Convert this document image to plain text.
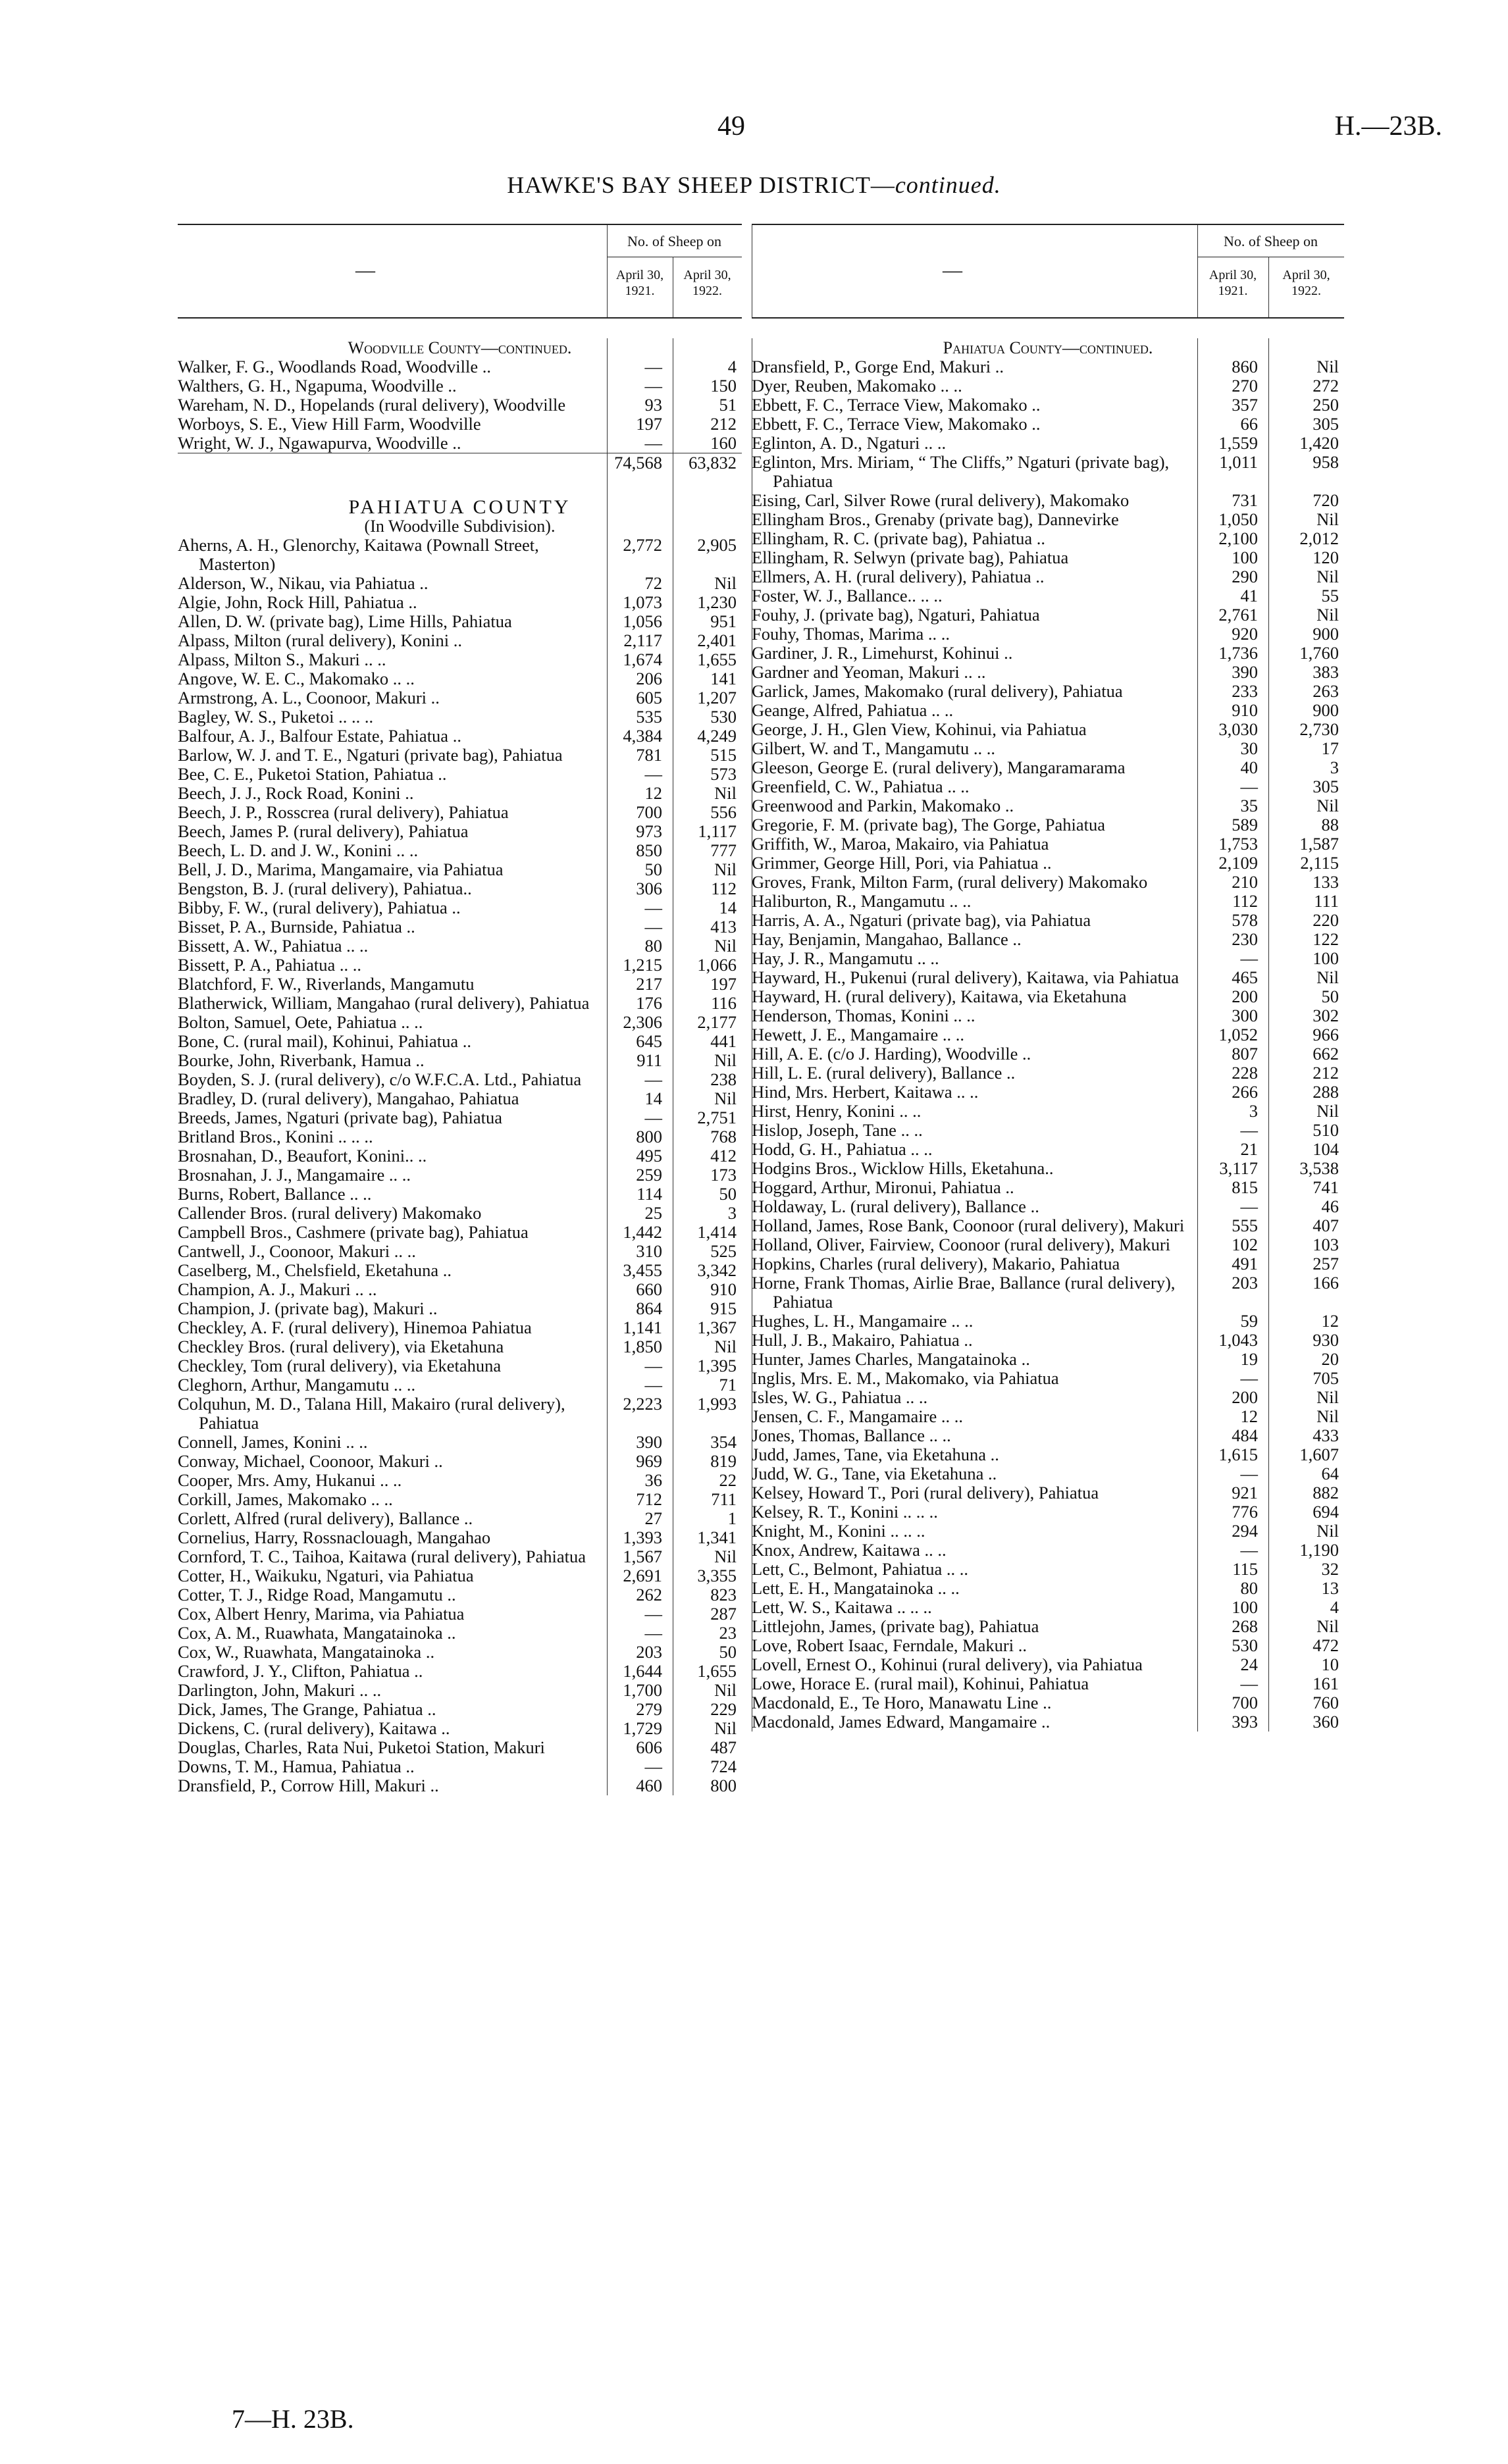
49	H.—23B.
HAWKE'S BAY SHEEP DISTRICT—continued.
—
No. of Sheep on
April 30, 1921.
April 30, 1922.
Woodville County—continued.
Walker, F. G., Woodlands Road, Woodville ..	—	4
Walthers, G. H., Ngapuma, Woodville ..	—	150
Wareham, N. D., Hopelands (rural delivery), Woodville	93	51
Worboys, S. E., View Hill Farm, Woodville	197	212
Wright, W. J., Ngawapurva, Woodville ..	—	160
74,568	63,832
PAHIATUA COUNTY
(In Woodville Subdivision).
Aherns, A. H., Glenorchy, Kaitawa (Pownall Street, Masterton)
2,772	2,905
Alderson, W., Nikau, via Pahiatua ..	72	Nil
Algie, John, Rock Hill, Pahiatua ..	1,073	1,230
Allen, D. W. (private bag), Lime Hills, Pahiatua	1,056	951
Alpass, Milton (rural delivery), Konini ..	2,117	2,401
Alpass, Milton S., Makuri .. ..	1,674	1,655
Angove, W. E. C., Makomako .. ..	206	141
Armstrong, A. L., Coonoor, Makuri ..	605	1,207
Bagley, W. S., Puketoi .. .. ..	535	530
Balfour, A. J., Balfour Estate, Pahiatua ..	4,384	4,249
Barlow, W. J. and T. E., Ngaturi (private bag), Pahiatua	781	515
Bee, C. E., Puketoi Station, Pahiatua ..	—	573
Beech, J. J., Rock Road, Konini ..	12	Nil
Beech, J. P., Rosscrea (rural delivery), Pahiatua	700	556
Beech, James P. (rural delivery), Pahiatua	973	1,117
Beech, L. D. and J. W., Konini .. ..	850	777
Bell, J. D., Marima, Mangamaire, via Pahiatua	50	Nil
Bengston, B. J. (rural delivery), Pahiatua..	306	112
Bibby, F. W., (rural delivery), Pahiatua ..	—	14
Bisset, P. A., Burnside, Pahiatua ..	—	413
Bissett, A. W., Pahiatua .. ..	80	Nil
Bissett, P. A., Pahiatua .. ..	1,215	1,066
Blatchford, F. W., Riverlands, Mangamutu	217	197
Blatherwick, William, Mangahao (rural delivery), Pahiatua	176	116
Bolton, Samuel, Oete, Pahiatua .. ..	2,306	2,177
Bone, C. (rural mail), Kohinui, Pahiatua ..	645	441
Bourke, John, Riverbank, Hamua ..	911	Nil
Boyden, S. J. (rural delivery), c/o W.F.C.A. Ltd., Pahiatua	—	238
Bradley, D. (rural delivery), Mangahao, Pahiatua	14	Nil
Breeds, James, Ngaturi (private bag), Pahiatua	—	2,751
Britland Bros., Konini .. .. ..	800	768
Brosnahan, D., Beaufort, Konini.. ..	495	412
Brosnahan, J. J., Mangamaire .. ..	259	173
Burns, Robert, Ballance .. ..	114	50
Callender Bros. (rural delivery) Makomako	25	3
Campbell Bros., Cashmere (private bag), Pahiatua	1,442	1,414
Cantwell, J., Coonoor, Makuri .. ..	310	525
Caselberg, M., Chelsfield, Eketahuna ..	3,455	3,342
Champion, A. J., Makuri .. ..	660	910
Champion, J. (private bag), Makuri ..	864	915
Checkley, A. F. (rural delivery), Hinemoa Pahiatua	1,141	1,367
Checkley Bros. (rural delivery), via Eketahuna	1,850	Nil
Checkley, Tom (rural delivery), via Eketahuna	—	1,395
Cleghorn, Arthur, Mangamutu .. ..	—	71
Colquhun, M. D., Talana Hill, Makairo (rural delivery), Pahiatua
2,223	1,993
Connell, James, Konini .. ..	390	354
Conway, Michael, Coonoor, Makuri ..	969	819
Cooper, Mrs. Amy, Hukanui .. ..	36	22
Corkill, James, Makomako .. ..	712	711
Corlett, Alfred (rural delivery), Ballance ..	27	1
Cornelius, Harry, Rossnaclouagh, Mangahao	1,393	1,341
Cornford, T. C., Taihoa, Kaitawa (rural delivery), Pahiatua	1,567	Nil
Cotter, H., Waikuku, Ngaturi, via Pahiatua	2,691	3,355
Cotter, T. J., Ridge Road, Mangamutu ..	262	823
Cox, Albert Henry, Marima, via Pahiatua	—	287
Cox, A. M., Ruawhata, Mangatainoka ..	—	23
Cox, W., Ruawhata, Mangatainoka ..	203	50
Crawford, J. Y., Clifton, Pahiatua ..	1,644	1,655
Darlington, John, Makuri .. ..	1,700	Nil
Dick, James, The Grange, Pahiatua ..	279	229
Dickens, C. (rural delivery), Kaitawa ..	1,729	Nil
Douglas, Charles, Rata Nui, Puketoi Station, Makuri	606	487
Downs, T. M., Hamua, Pahiatua ..	—	724
Dransfield, P., Corrow Hill, Makuri ..	460	800
—
No. of Sheep on
April 30, 1921.
April 30, 1922.
Pahiatua County—continued.
Dransfield, P., Gorge End, Makuri ..	860	Nil
Dyer, Reuben, Makomako .. ..	270	272
Ebbett, F. C., Terrace View, Makomako ..	357	250
Ebbett, F. C., Terrace View, Makomako ..	66	305
Eglinton, A. D., Ngaturi .. ..	1,559	1,420
Eglinton, Mrs. Miriam, “ The Cliffs,” Ngaturi (private bag), Pahiatua
1,011	958
Eising, Carl, Silver Rowe (rural delivery), Makomako	731	720
Ellingham Bros., Grenaby (private bag), Dannevirke	1,050	Nil
Ellingham, R. C. (private bag), Pahiatua ..	2,100	2,012
Ellingham, R. Selwyn (private bag), Pahiatua	100	120
Ellmers, A. H. (rural delivery), Pahiatua ..	290	Nil
Foster, W. J., Ballance.. .. ..	41	55
Fouhy, J. (private bag), Ngaturi, Pahiatua	2,761	Nil
Fouhy, Thomas, Marima .. ..	920	900
Gardiner, J. R., Limehurst, Kohinui ..	1,736	1,760
Gardner and Yeoman, Makuri .. ..	390	383
Garlick, James, Makomako (rural delivery), Pahiatua	233	263
Geange, Alfred, Pahiatua .. ..	910	900
George, J. H., Glen View, Kohinui, via Pahiatua	3,030	2,730
Gilbert, W. and T., Mangamutu .. ..	30	17
Gleeson, George E. (rural delivery), Mangaramarama	40	3
Greenfield, C. W., Pahiatua .. ..	—	305
Greenwood and Parkin, Makomako ..	35	Nil
Gregorie, F. M. (private bag), The Gorge, Pahiatua	589	88
Griffith, W., Maroa, Makairo, via Pahiatua	1,753	1,587
Grimmer, George Hill, Pori, via Pahiatua ..	2,109	2,115
Groves, Frank, Milton Farm, (rural delivery) Makomako	210	133
Haliburton, R., Mangamutu .. ..	112	111
Harris, A. A., Ngaturi (private bag), via Pahiatua	578	220
Hay, Benjamin, Mangahao, Ballance ..	230	122
Hay, J. R., Mangamutu .. ..	—	100
Hayward, H., Pukenui (rural delivery), Kaitawa, via Pahiatua	465	Nil
Hayward, H. (rural delivery), Kaitawa, via Eketahuna	200	50
Henderson, Thomas, Konini .. ..	300	302
Hewett, J. E., Mangamaire .. ..	1,052	966
Hill, A. E. (c/o J. Harding), Woodville ..	807	662
Hill, L. E. (rural delivery), Ballance ..	228	212
Hind, Mrs. Herbert, Kaitawa .. ..	266	288
Hirst, Henry, Konini .. ..	3	Nil
Hislop, Joseph, Tane .. ..	—	510
Hodd, G. H., Pahiatua .. ..	21	104
Hodgins Bros., Wicklow Hills, Eketahuna..	3,117	3,538
Hoggard, Arthur, Mironui, Pahiatua ..	815	741
Holdaway, L. (rural delivery), Ballance ..	—	46
Holland, James, Rose Bank, Coonoor (rural delivery), Makuri	555	407
Holland, Oliver, Fairview, Coonoor (rural delivery), Makuri	102	103
Hopkins, Charles (rural delivery), Makario, Pahiatua	491	257
Horne, Frank Thomas, Airlie Brae, Ballance (rural delivery), Pahiatua
203	166
Hughes, L. H., Mangamaire .. ..	59	12
Hull, J. B., Makairo, Pahiatua ..	1,043	930
Hunter, James Charles, Mangatainoka ..	19	20
Inglis, Mrs. E. M., Makomako, via Pahiatua	—	705
Isles, W. G., Pahiatua .. ..	200	Nil
Jensen, C. F., Mangamaire .. ..	12	Nil
Jones, Thomas, Ballance .. ..	484	433
Judd, James, Tane, via Eketahuna ..	1,615	1,607
Judd, W. G., Tane, via Eketahuna ..	—	64
Kelsey, Howard T., Pori (rural delivery), Pahiatua	921	882
Kelsey, R. T., Konini .. .. ..	776	694
Knight, M., Konini .. .. ..	294	Nil
Knox, Andrew, Kaitawa .. ..	—	1,190
Lett, C., Belmont, Pahiatua .. ..	115	32
Lett, E. H., Mangatainoka .. ..	80	13
Lett, W. S., Kaitawa .. .. ..	100	4
Littlejohn, James, (private bag), Pahiatua	268	Nil
Love, Robert Isaac, Ferndale, Makuri ..	530	472
Lovell, Ernest O., Kohinui (rural delivery), via Pahiatua	24	10
Lowe, Horace E. (rural mail), Kohinui, Pahiatua	—	161
Macdonald, E., Te Horo, Manawatu Line ..	700	760
Macdonald, James Edward, Mangamaire ..	393	360
7—H. 23B.
